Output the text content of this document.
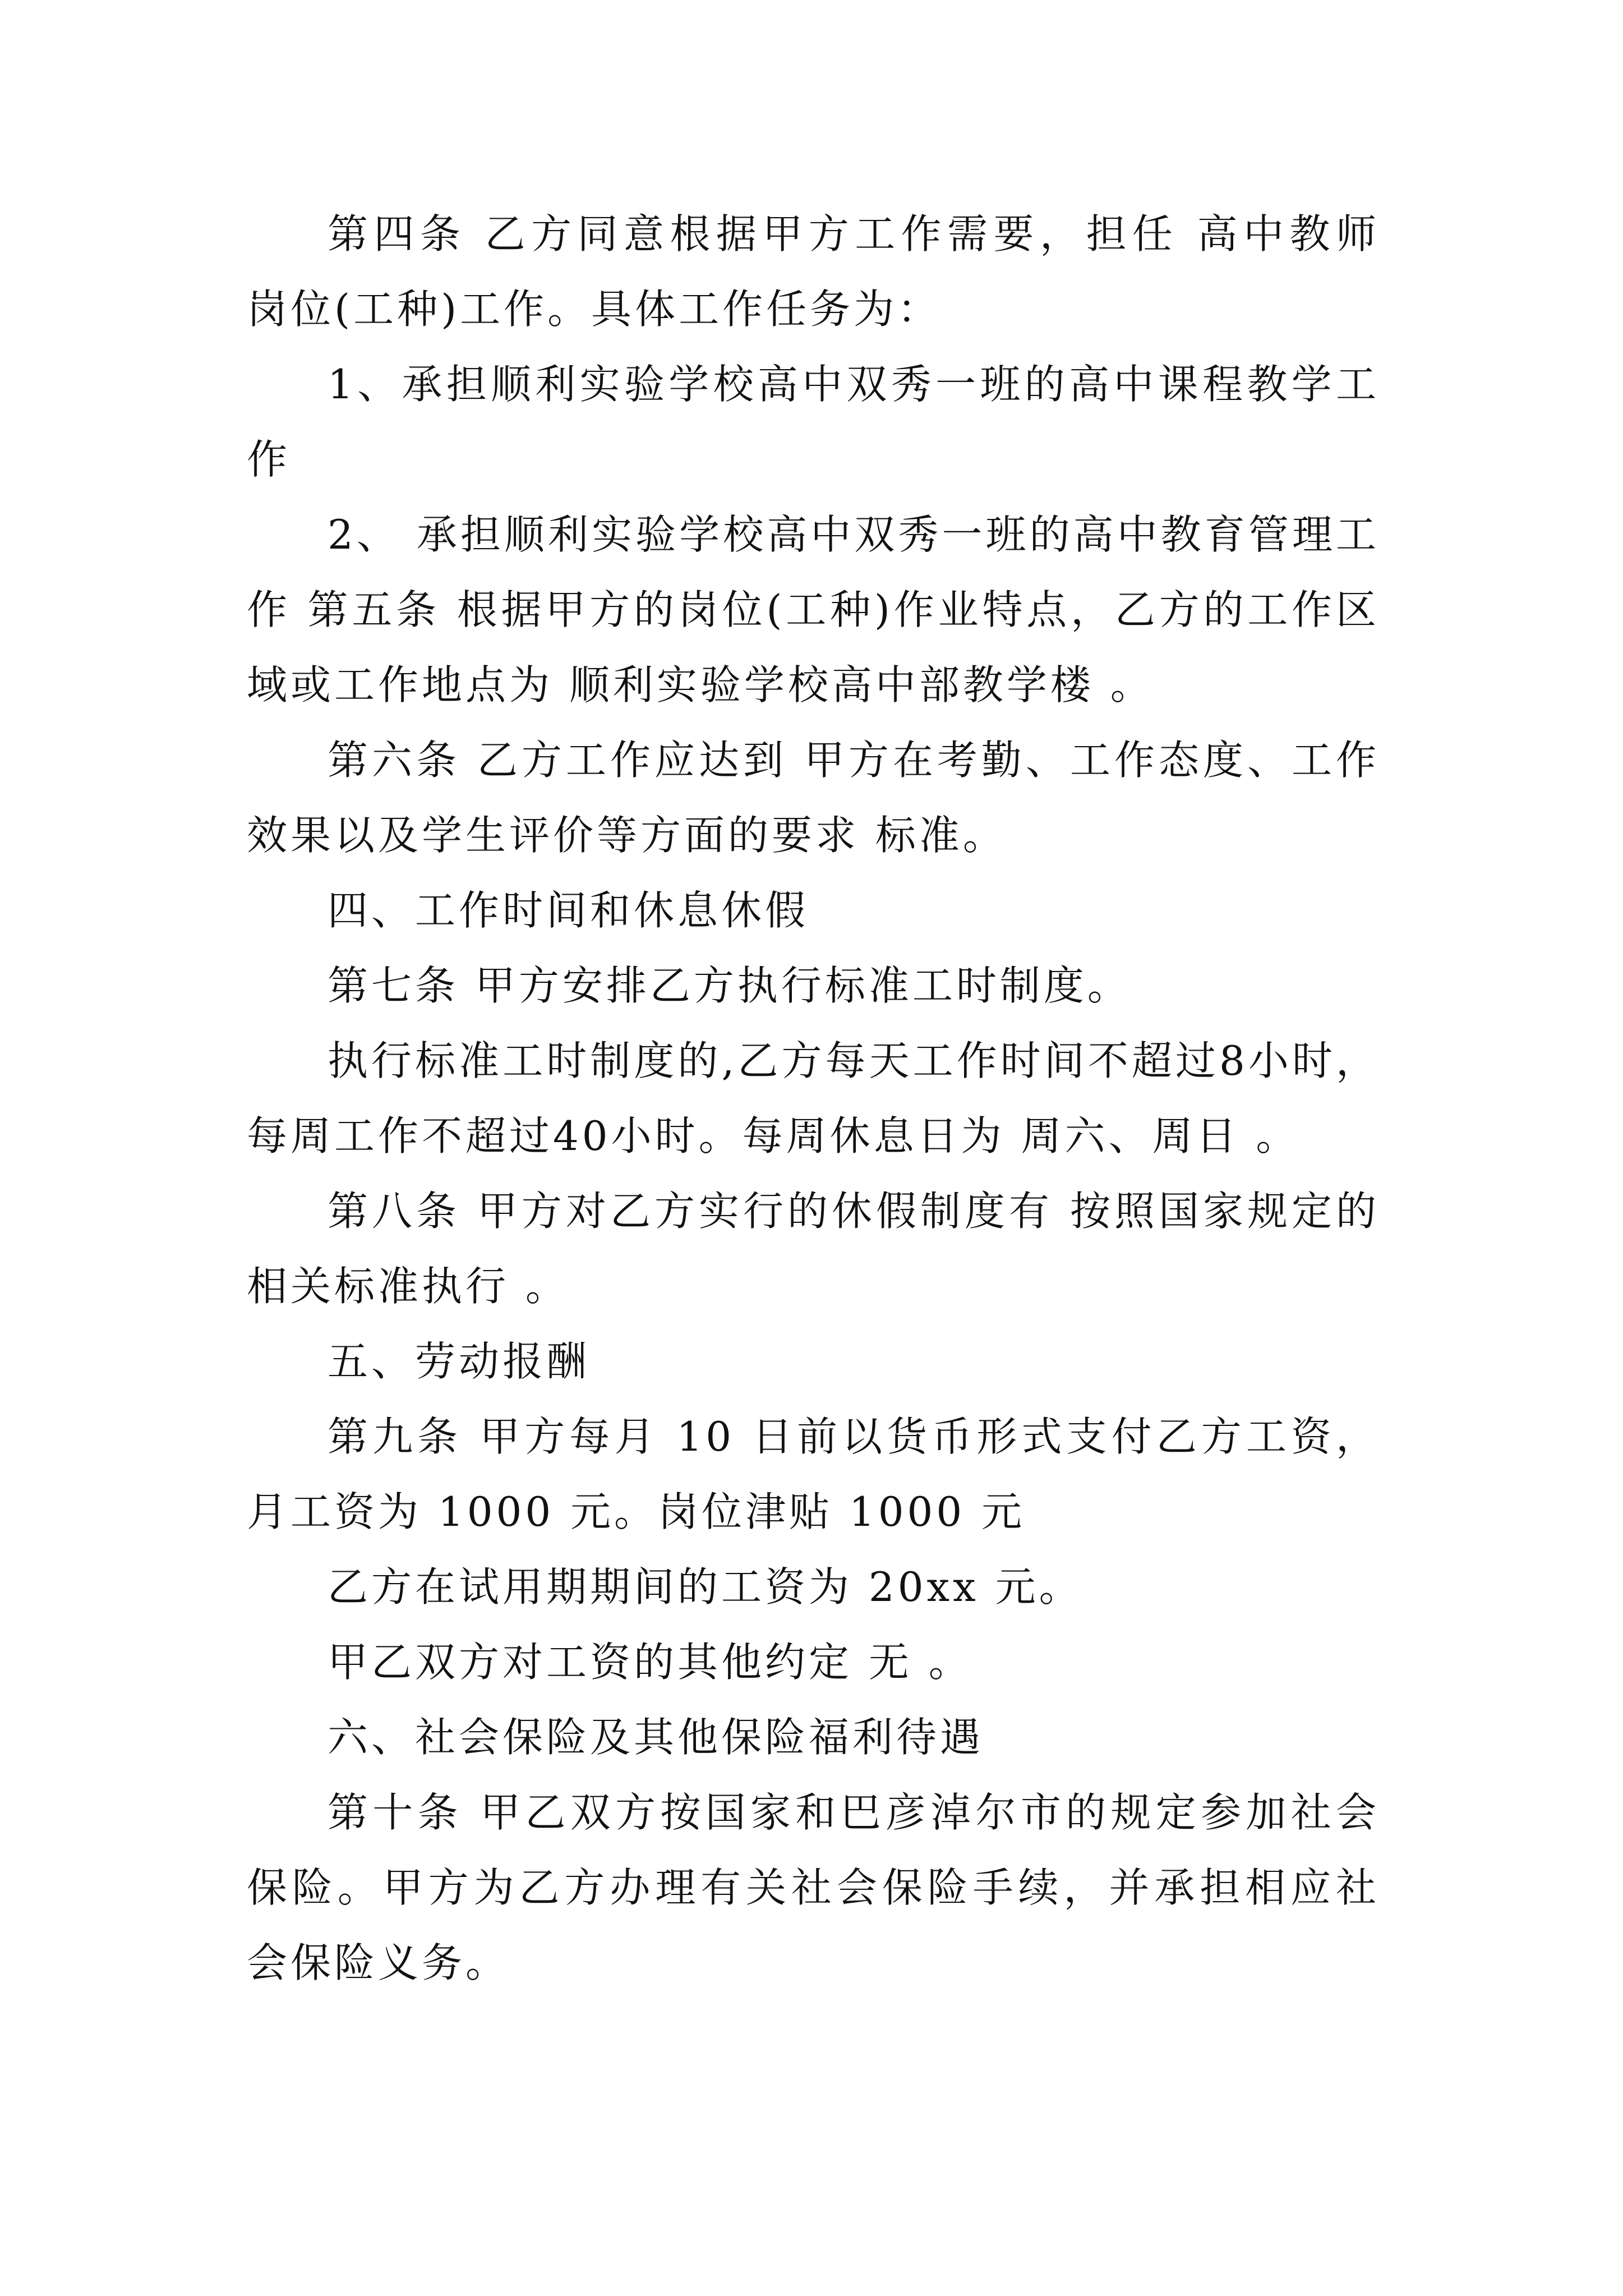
第四条 乙方同意根据甲方工作需要，担任 高中教师 岗位(工种)工作。具体工作任务为：

1、承担顺利实验学校高中双秀一班的高中课程教学工作

2、 承担顺利实验学校高中双秀一班的高中教育管理工作 第五条 根据甲方的岗位(工种)作业特点，乙方的工作区域或工作地点为 顺利实验学校高中部教学楼 。

第六条 乙方工作应达到 甲方在考勤、工作态度、工作效果以及学生评价等方面的要求 标准。

四、工作时间和休息休假

第七条 甲方安排乙方执行标准工时制度。

执行标准工时制度的,乙方每天工作时间不超过8小时，每周工作不超过40小时。每周休息日为 周六、周日 。

第八条 甲方对乙方实行的休假制度有 按照国家规定的相关标准执行 。

五、劳动报酬

第九条 甲方每月 10 日前以货币形式支付乙方工资，月工资为 1000 元。岗位津贴 1000 元

乙方在试用期期间的工资为 20xx 元。

甲乙双方对工资的其他约定 无 。

六、社会保险及其他保险福利待遇

第十条 甲乙双方按国家和巴彦淖尔市的规定参加社会保险。甲方为乙方办理有关社会保险手续，并承担相应社会保险义务。
